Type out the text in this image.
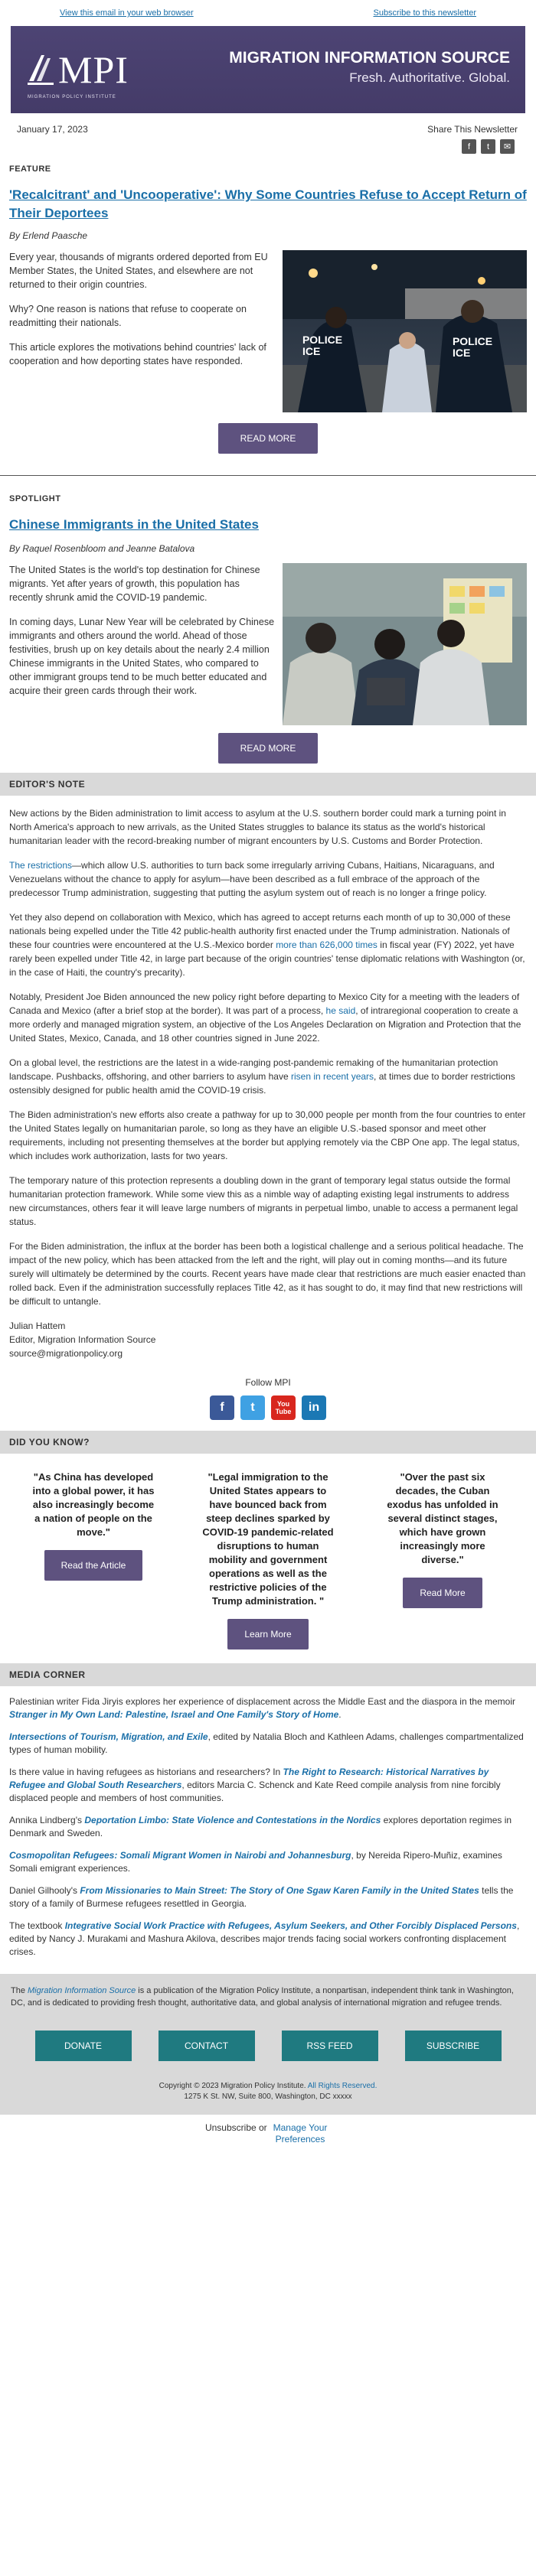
View this email in your web browser	Subscribe to this newsletter
MPI
MIGRATION POLICY INSTITUTE
MIGRATION INFORMATION SOURCE
Fresh. Authoritative. Global.
January 17, 2023	Share This Newsletter
f	t	✉
FEATURE
'Recalcitrant' and 'Uncooperative': Why Some Countries Refuse to Accept Return of Their Deportees
By Erlend Paasche

Every year, thousands of migrants ordered deported from EU Member States, the United States, and elsewhere are not returned to their origin countries.

Why? One reason is nations that refuse to cooperate on readmitting their nationals.

This article explores the motivations behind countries' lack of cooperation and how deporting states have responded.

POLICE
ICE
POLICE
ICE
READ MORE
SPOTLIGHT
Chinese Immigrants in the United States
By Raquel Rosenbloom and Jeanne Batalova

The United States is the world's top destination for Chinese migrants. Yet after years of growth, this population has recently shrunk amid the COVID-19 pandemic.

In coming days, Lunar New Year will be celebrated by Chinese immigrants and others around the world. Ahead of those festivities, brush up on key details about the nearly 2.4 million Chinese immigrants in the United States, who compared to other immigrant groups tend to be much better educated and acquire their green cards through their work.

READ MORE
EDITOR'S NOTE

New actions by the Biden administration to limit access to asylum at the U.S. southern border could mark a turning point in North America's approach to new arrivals, as the United States struggles to balance its status as the world's historical humanitarian leader with the record-breaking number of migrant encounters by U.S. Customs and Border Protection.

The restrictions—which allow U.S. authorities to turn back some irregularly arriving Cubans, Haitians, Nicaraguans, and Venezuelans without the chance to apply for asylum—have been described as a full embrace of the approach of the predecessor Trump administration, suggesting that putting the asylum system out of reach is no longer a fringe policy.

Yet they also depend on collaboration with Mexico, which has agreed to accept returns each month of up to 30,000 of these nationals being expelled under the Title 42 public-health authority first enacted under the Trump administration. Nationals of these four countries were encountered at the U.S.-Mexico border more than 626,000 times in fiscal year (FY) 2022, yet have rarely been expelled under Title 42, in large part because of the origin countries' tense diplomatic relations with Washington (or, in the case of Haiti, the country's precarity).

Notably, President Joe Biden announced the new policy right before departing to Mexico City for a meeting with the leaders of Canada and Mexico (after a brief stop at the border). It was part of a process, he said, of intraregional cooperation to create a more orderly and managed migration system, an objective of the Los Angeles Declaration on Migration and Protection that the United States, Mexico, Canada, and 18 other countries signed in June 2022.

On a global level, the restrictions are the latest in a wide-ranging post-pandemic remaking of the humanitarian protection landscape. Pushbacks, offshoring, and other barriers to asylum have risen in recent years, at times due to border restrictions ostensibly designed for public health amid the COVID-19 crisis.

The Biden administration's new efforts also create a pathway for up to 30,000 people per month from the four countries to enter the United States legally on humanitarian parole, so long as they have an eligible U.S.-based sponsor and meet other requirements, including not presenting themselves at the border but applying remotely via the CBP One app. The legal status, which includes work authorization, lasts for two years.

The temporary nature of this protection represents a doubling down in the grant of temporary legal status outside the formal humanitarian protection framework. While some view this as a nimble way of adapting existing legal instruments to address new circumstances, others fear it will leave large numbers of migrants in perpetual limbo, unable to access a permanent legal status.

For the Biden administration, the influx at the border has been both a logistical challenge and a serious political headache. The impact of the new policy, which has been attacked from the left and the right, will play out in coming months—and its future surely will ultimately be determined by the courts. Recent years have made clear that restrictions are much easier enacted than rolled back. Even if the administration successfully replaces Title 42, as it has sought to do, it may find that new restrictions will be difficult to untangle.

Julian Hattem
Editor, Migration Information Source
source@migrationpolicy.org

Follow MPI
f	t	You
Tube	in
DID YOU KNOW?
"As China has developed into a global power, it has also increasingly become a nation of people on the move."
Read the Article
"Legal immigration to the United States appears to have bounced back from steep declines sparked by COVID-19 pandemic-related disruptions to human mobility and government operations as well as the restrictive policies of the Trump administration. "
Learn More
"Over the past six decades, the Cuban exodus has unfolded in several distinct stages, which have grown increasingly more diverse."
Read More
MEDIA CORNER

Palestinian writer Fida Jiryis explores her experience of displacement across the Middle East and the diaspora in the memoir Stranger in My Own Land: Palestine, Israel and One Family's Story of Home.

Intersections of Tourism, Migration, and Exile, edited by Natalia Bloch and Kathleen Adams, challenges compartmentalized types of human mobility.

Is there value in having refugees as historians and researchers? In The Right to Research: Historical Narratives by Refugee and Global South Researchers, editors Marcia C. Schenck and Kate Reed compile analysis from nine forcibly displaced people and members of host communities.

Annika Lindberg's Deportation Limbo: State Violence and Contestations in the Nordics explores deportation regimes in Denmark and Sweden.

Cosmopolitan Refugees: Somali Migrant Women in Nairobi and Johannesburg, by Nereida Ripero-Muñiz, examines Somali emigrant experiences.

Daniel Gilhooly's From Missionaries to Main Street: The Story of One Sgaw Karen Family in the United States tells the story of a family of Burmese refugees resettled in Georgia.

The textbook Integrative Social Work Practice with Refugees, Asylum Seekers, and Other Forcibly Displaced Persons, edited by Nancy J. Murakami and Mashura Akilova, describes major trends facing social workers confronting displacement crises.

The Migration Information Source is a publication of the Migration Policy Institute, a nonpartisan, independent think tank in Washington, DC, and is dedicated to providing fresh thought, authoritative data, and global analysis of international migration and refugee trends.
DONATE	CONTACT	RSS FEED	SUBSCRIBE
Copyright © 2023 Migration Policy Institute. All Rights Reserved.
1275 K St. NW, Suite 800, Washington, DC xxxxx
Unsubscribe or Manage Your Preferences
